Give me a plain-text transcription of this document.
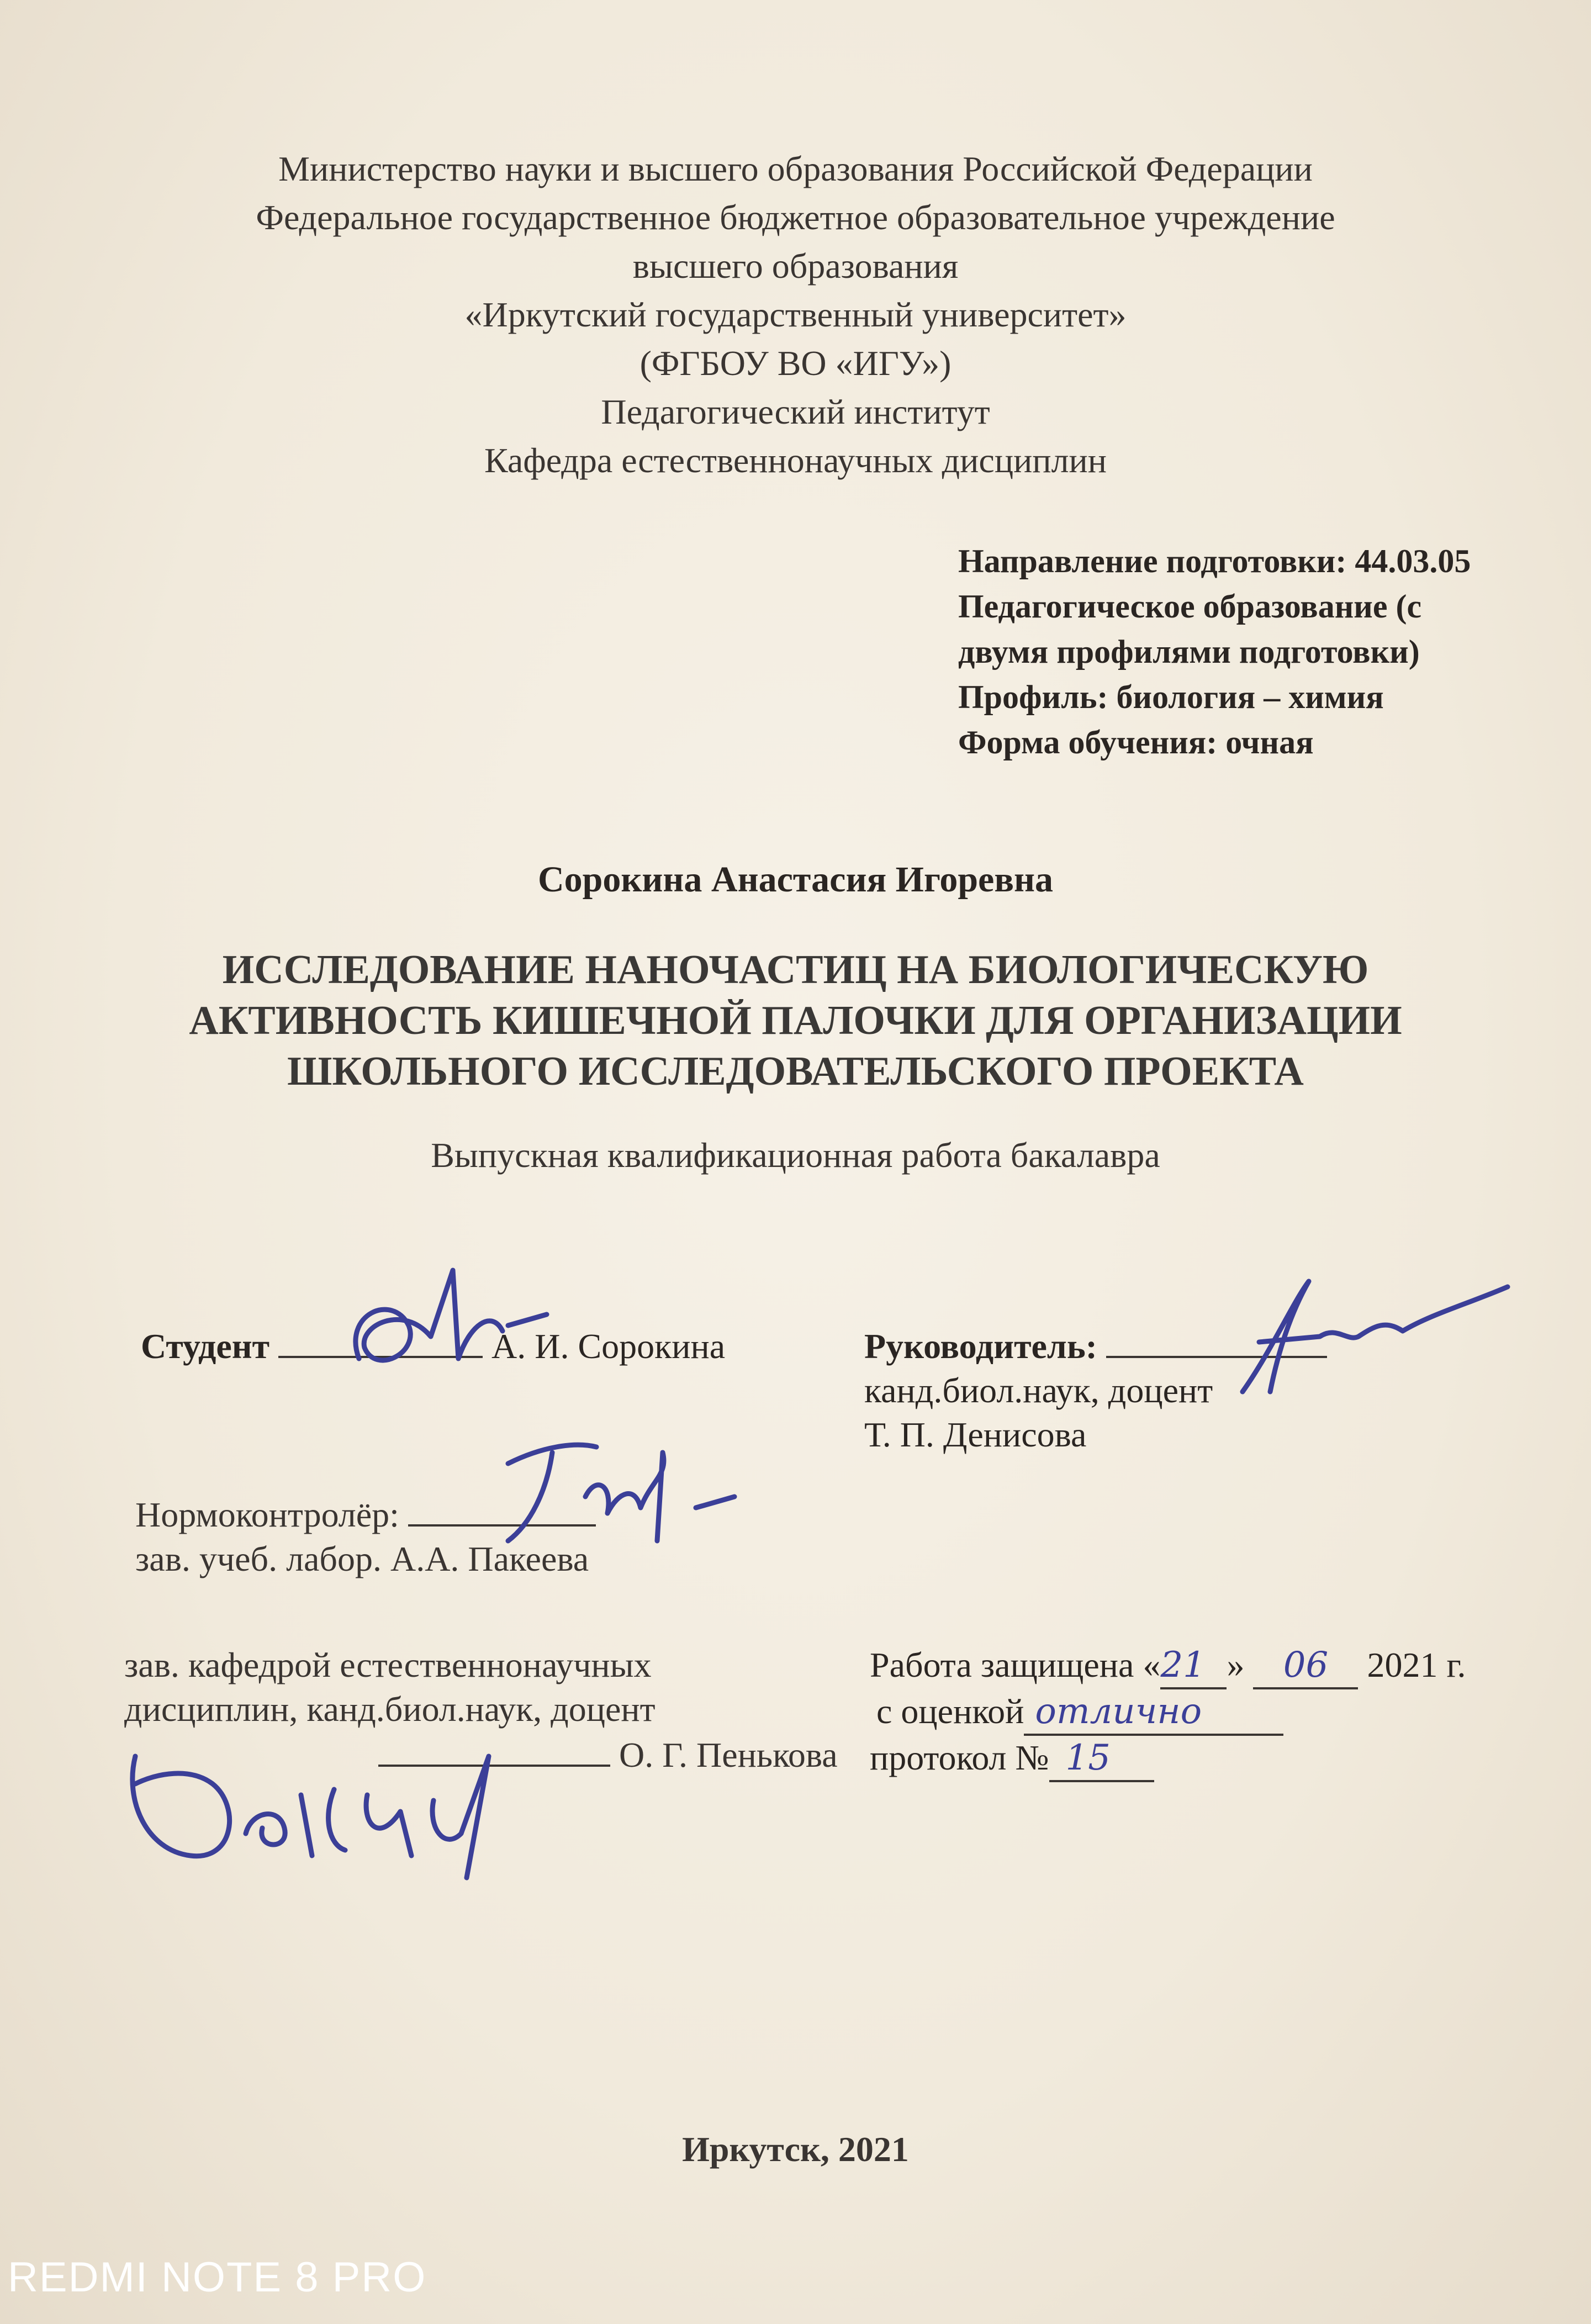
Министерство науки и высшего образования Российской Федерации
Федеральное государственное бюджетное образовательное учреждение
высшего образования
«Иркутский государственный университет»
(ФГБОУ ВО «ИГУ»)
Педагогический институт
Кафедра естественнонаучных дисциплин
Направление подготовки: 44.03.05
Педагогическое образование (с
двумя профилями подготовки)
Профиль: биология – химия
Форма обучения: очная
Сорокина Анастасия Игоревна
ИССЛЕДОВАНИЕ НАНОЧАСТИЦ НА БИОЛОГИЧЕСКУЮ
АКТИВНОСТЬ КИШЕЧНОЙ ПАЛОЧКИ ДЛЯ ОРГАНИЗАЦИИ
ШКОЛЬНОГО ИССЛЕДОВАТЕЛЬСКОГО ПРОЕКТА
Выпускная квалификационная работа бакалавра
Студент	А. И. Сорокина	Руководитель:
канд.биол.наук, доцент
Т. П. Денисова
Нормоконтролёр:
зав. учеб. лабор. А.А. Пакеева
зав. кафедрой естественнонаучных
дисциплин, канд.биол.наук, доцент
О. Г. Пенькова
Работа защищена «21 » 06 2021 г.
с оценкой отлично
протокол № 15
Иркутск, 2021
REDMI NOTE 8 PRO
